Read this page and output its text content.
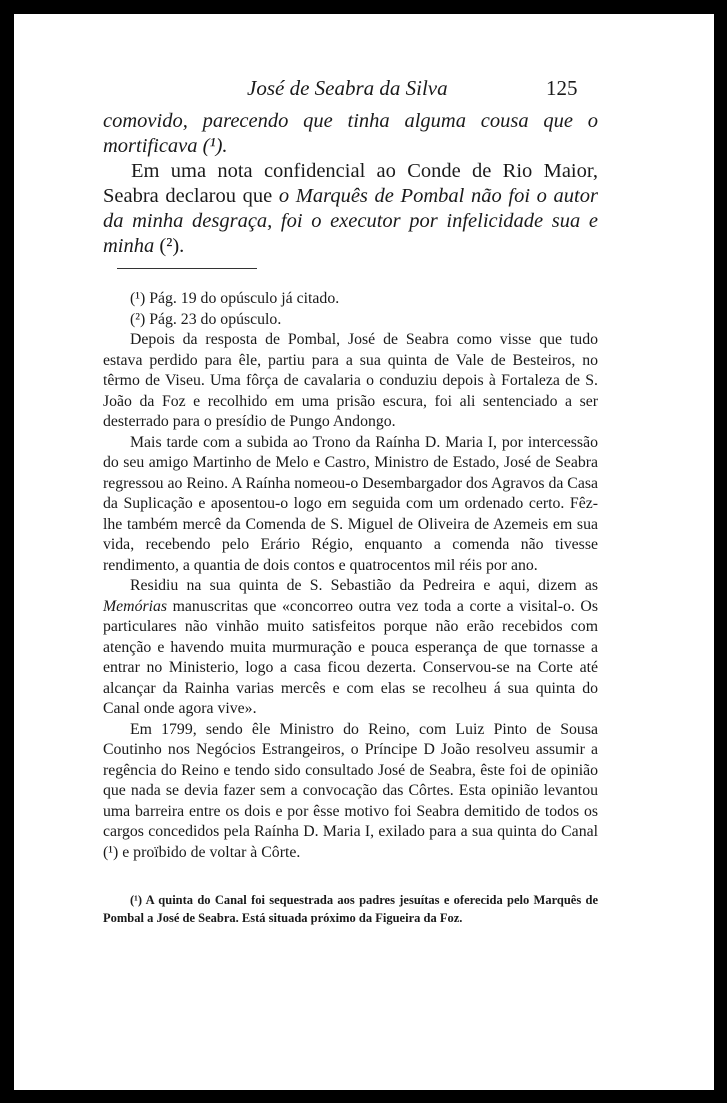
José de Seabra da Silva	125

comovido, parecendo que tinha alguma cousa que o mortificava (¹).

Em uma nota confidencial ao Conde de Rio Maior, Seabra declarou que o Marquês de Pombal não foi o autor da minha desgraça, foi o executor por infelicidade sua e minha (²).

(¹) Pág. 19 do opúsculo já citado.

(²) Pág. 23 do opúsculo.

Depois da resposta de Pombal, José de Seabra como visse que tudo estava perdido para êle, partiu para a sua quinta de Vale de Besteiros, no têrmo de Viseu. Uma fôrça de cavalaria o conduziu depois à Fortaleza de S. João da Foz e recolhido em uma prisão escura, foi ali sentenciado a ser desterrado para o presídio de Pungo Andongo.

Mais tarde com a subida ao Trono da Raínha D. Maria I, por intercessão do seu amigo Martinho de Melo e Castro, Ministro de Estado, José de Seabra regressou ao Reino. A Raínha nomeou-o Desembargador dos Agravos da Casa da Suplicação e aposentou-o logo em seguida com um ordenado certo. Fêz-lhe também mercê da Comenda de S. Miguel de Oliveira de Azemeis em sua vida, recebendo pelo Erário Régio, enquanto a comenda não tivesse rendimento, a quantia de dois contos e quatrocentos mil réis por ano.

Residiu na sua quinta de S. Sebastião da Pedreira e aqui, dizem as Memórias manuscritas que «concorreo outra vez toda a corte a visital-o. Os particulares não vinhão muito satisfeitos porque não erão recebidos com atenção e havendo muita murmuração e pouca esperança de que tornasse a entrar no Ministerio, logo a casa ficou dezerta. Conservou-se na Corte até alcançar da Rainha varias mercês e com elas se recolheu á sua quinta do Canal onde agora vive».

Em 1799, sendo êle Ministro do Reino, com Luiz Pinto de Sousa Coutinho nos Negócios Estrangeiros, o Príncipe D João resolveu assumir a regência do Reino e tendo sido consultado José de Seabra, êste foi de opinião que nada se devia fazer sem a convocação das Côrtes. Esta opinião levantou uma barreira entre os dois e por êsse motivo foi Seabra demitido de todos os cargos concedidos pela Raínha D. Maria I, exilado para a sua quinta do Canal (¹) e proïbido de voltar à Côrte.

(¹) A quinta do Canal foi sequestrada aos padres jesuítas e oferecida pelo Marquês de Pombal a José de Seabra. Está situada próximo da Figueira da Foz.
